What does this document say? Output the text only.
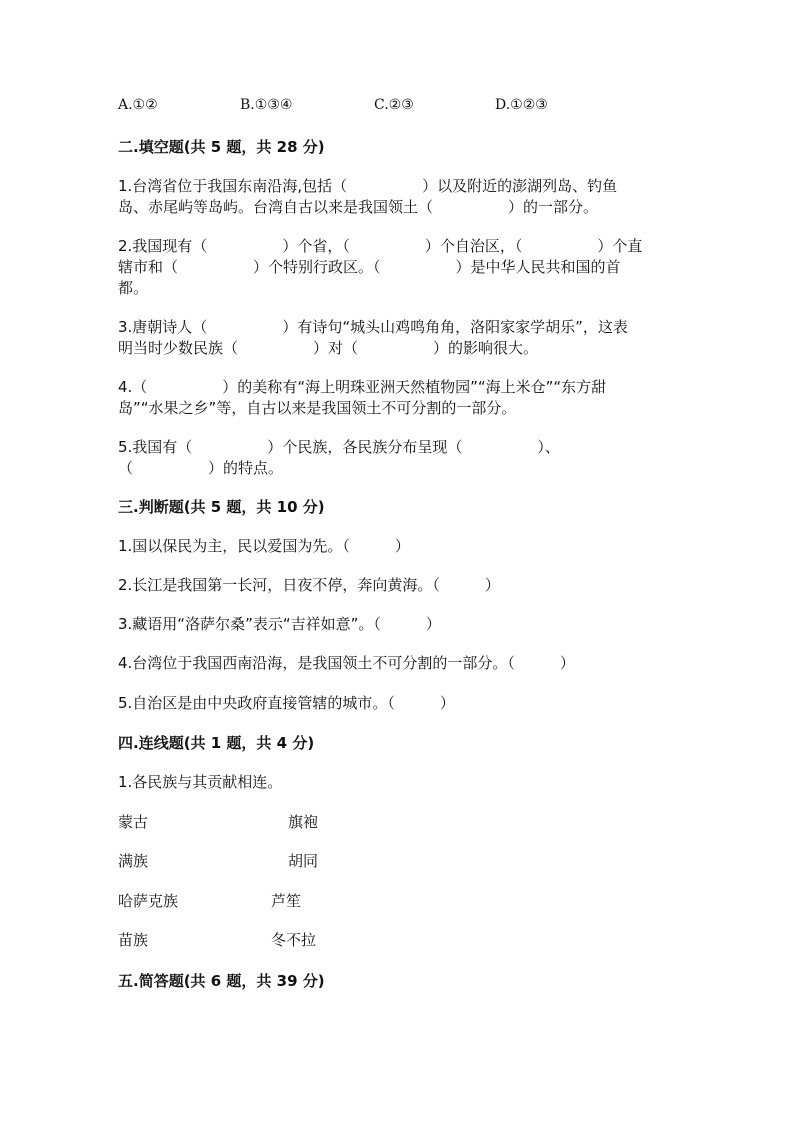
A.①②	B.①③④	C.②③	D.①②③
二.填空题(共 5 题，共 28 分)
1.台湾省位于我国东南沿海,包括（　　　　　）以及附近的澎湖列岛、钓鱼
岛、赤尾屿等岛屿。台湾自古以来是我国领土（　　　　　）的一部分。
2.我国现有（　　　　　）个省，（　　　　　）个自治区，（　　　　　）个直
辖市和（　　　　　）个特别行政区。（　　　　　）是中华人民共和国的首
都。
3.唐朝诗人（　　　　　）有诗句“城头山鸡鸣角角，洛阳家家学胡乐”，这表
明当时少数民族（　　　　　）对（　　　　　）的影响很大。
4.（　　　　　）的美称有“海上明珠亚洲天然植物园”“海上米仓”“东方甜
岛”“水果之乡”等，自古以来是我国领土不可分割的一部分。
5.我国有（　　　　　）个民族，各民族分布呈现（　　　　　）、
（　　　　　）的特点。
三.判断题(共 5 题，共 10 分)
1.国以保民为主，民以爱国为先。（　　　）
2.长江是我国第一长河，日夜不停，奔向黄海。（　　　）
3.藏语用“洛萨尔桑”表示“吉祥如意”。（　　　）
4.台湾位于我国西南沿海，是我国领土不可分割的一部分。（　　　）
5.自治区是由中央政府直接管辖的城市。（　　　）
四.连线题(共 1 题，共 4 分)
1.各民族与其贡献相连。
蒙古	旗袍
满族	胡同
哈萨克族	芦笙
苗族	冬不拉
五.简答题(共 6 题，共 39 分)
